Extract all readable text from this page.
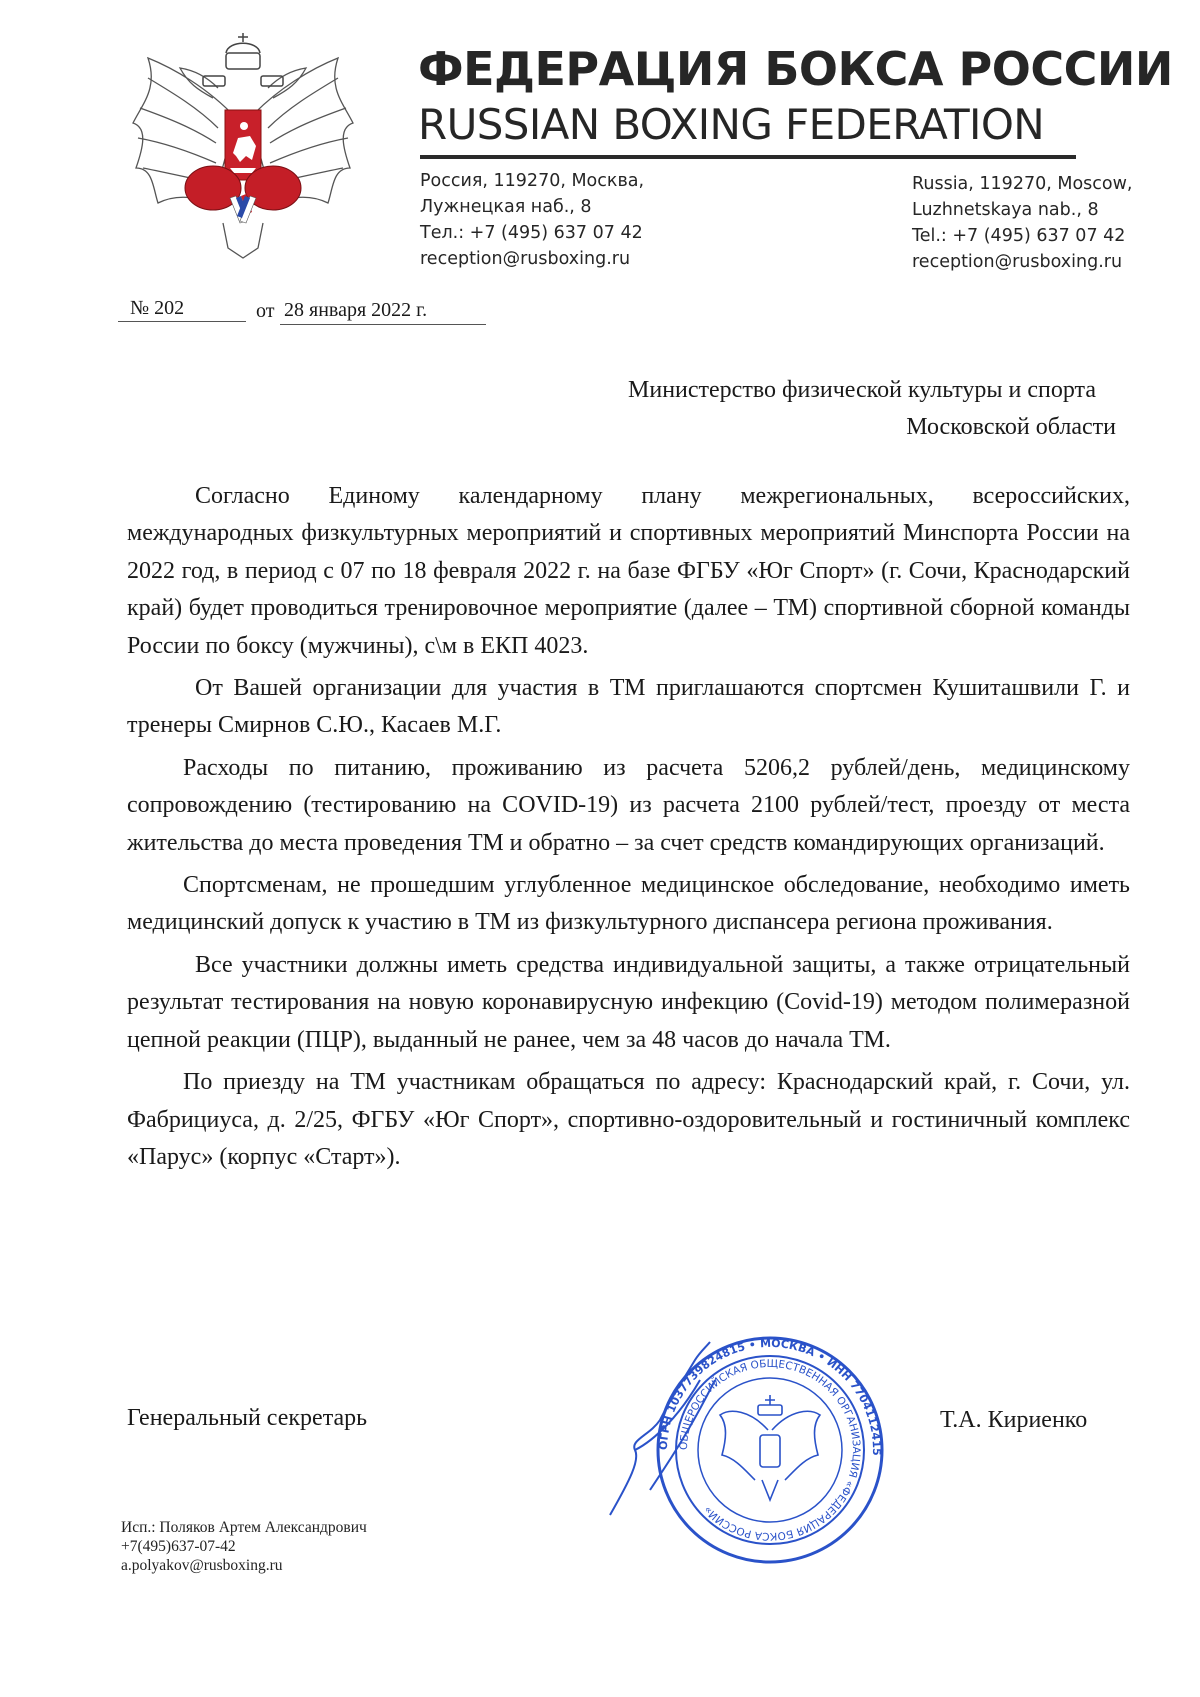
ФЕДЕРАЦИЯ БОКСА РОССИИ
RUSSIAN BOXING FEDERATION
Россия, 119270, Москва,
Лужнецкая наб., 8
Тел.: +7 (495) 637 07 42
reception@rusboxing.ru
Russia, 119270, Moscow,
Luzhnetskaya nab., 8
Tel.: +7 (495) 637 07 42
reception@rusboxing.ru
№ 202	от 28 января 2022 г.
Министерство физической культуры и спорта
Московской области

Согласно Единому календарному плану межрегиональных, всероссийских, международных физкультурных мероприятий и спортивных мероприятий Минспорта России на 2022 год, в период с 07 по 18 февраля 2022 г. на базе ФГБУ «Юг Спорт» (г. Сочи, Краснодарский край) будет проводиться тренировочное мероприятие (далее – ТМ) спортивной сборной команды России по боксу (мужчины), с\м в ЕКП 4023.

От Вашей организации для участия в ТМ приглашаются спортсмен Кушиташвили Г. и тренеры Смирнов С.Ю., Касаев М.Г.

Расходы по питанию, проживанию из расчета 5206,2 рублей/день, медицинскому сопровождению (тестированию на COVID-19) из расчета 2100 рублей/тест, проезду от места жительства до места проведения ТМ и обратно – за счет средств командирующих организаций.

Спортсменам, не прошедшим углубленное медицинское обследование, необходимо иметь медицинский допуск к участию в ТМ из физкультурного диспансера региона проживания.

Все участники должны иметь средства индивидуальной защиты, а также отрицательный результат тестирования на новую коронавирусную инфекцию (Covid-19) методом полимеразной цепной реакции (ПЦР), выданный не ранее, чем за 48 часов до начала ТМ.

По приезду на ТМ участникам обращаться по адресу: Краснодарский край, г. Сочи, ул. Фабрициуса, д. 2/25, ФГБУ «Юг Спорт», спортивно-оздоровительный и гостиничный комплекс «Парус» (корпус «Старт»).

Генеральный секретарь
ОГРН 1037739824815 • МОСКВА • ИНН 7704112415
ОБЩЕРОССИЙСКАЯ ОБЩЕСТВЕННАЯ ОРГАНИЗАЦИЯ «ФЕДЕРАЦИЯ БОКСА РОССИИ»
Т.А. Кириенко
Исп.: Поляков Артем Александрович
+7(495)637-07-42
a.polyakov@rusboxing.ru
